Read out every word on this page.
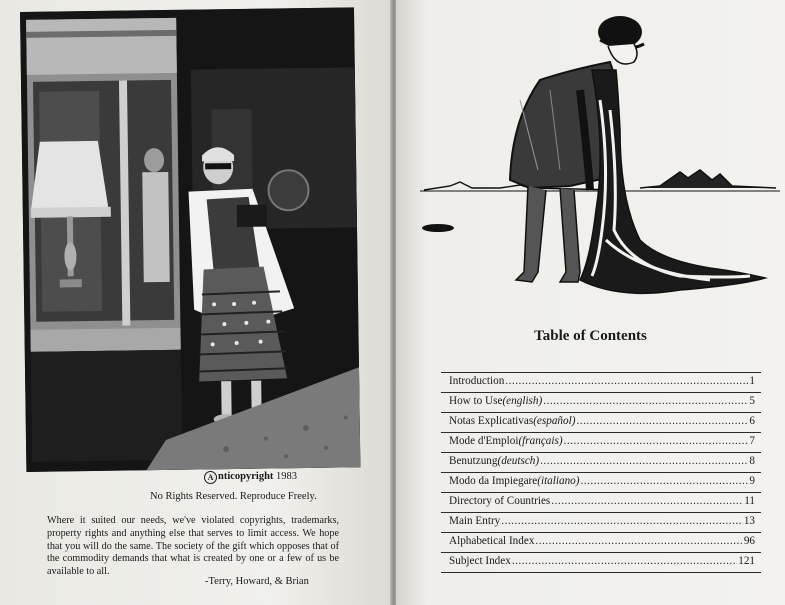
A nticopyright 1983
No Rights Reserved. Reproduce Freely.
Where it suited our needs, we've violated copyrights, trademarks, property rights and anything else that serves to limit access. We hope that you will do the same. The society of the gift which opposes that of the commodity demands that what is created by one or a few of us be available to all.
-Terry, Howard, & Brian
Table of Contents
Introduction .....	1
How to Use (english) .....	5
Notas Explicativas (español) .....	6
Mode d'Emploi (français) .....	7
Benutzung (deutsch) .....	8
Modo da Impiegare (italiano) .....	9
Directory of Countries .....	11
Main Entry .....	13
Alphabetical Index .....	96
Subject Index .....	121
